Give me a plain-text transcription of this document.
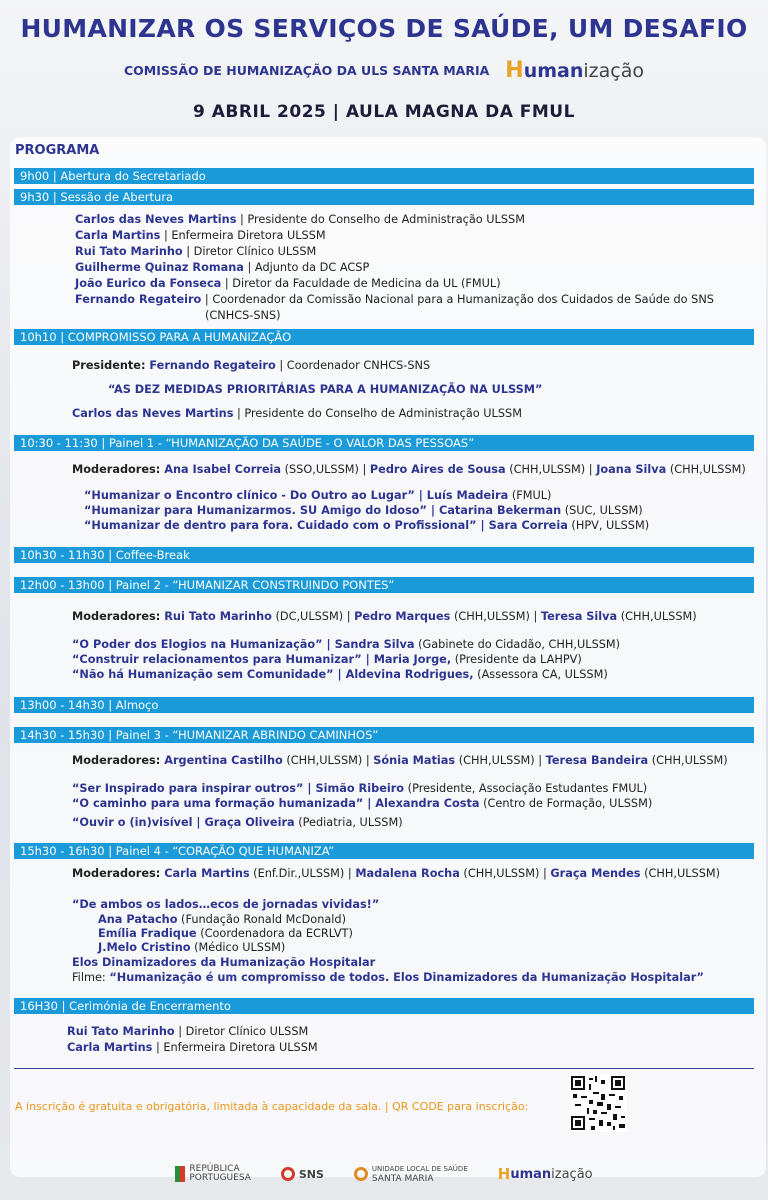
HUMANIZAR OS SERVIÇOS DE SAÚDE, UM DESAFIO
COMISSÃO DE HUMANIZAÇÃO DA ULS SANTA MARIA H uman ização
9 ABRIL 2025 | AULA MAGNA DA FMUL
PROGRAMA
9h00 | Abertura do Secretariado
9h30 | Sessão de Abertura
Carlos das Neves Martins | Presidente do Conselho de Administração ULSSM
Carla Martins | Enfermeira Diretora ULSSM
Rui Tato Marinho | Diretor Clínico ULSSM
Guilherme Quinaz Romana | Adjunto da DC ACSP
João Eurico da Fonseca | Diretor da Faculdade de Medicina da UL (FMUL)
Fernando Regateiro | Coordenador da Comissão Nacional para a Humanização dos Cuidados de Saúde do SNS
(CNHCS-SNS)
10h10 | COMPROMISSO PARA A HUMANIZAÇÃO
Presidente: Fernando Regateiro | Coordenador CNHCS-SNS
“AS DEZ MEDIDAS PRIORITÁRIAS PARA A HUMANIZAÇÃO NA ULSSM”
Carlos das Neves Martins | Presidente do Conselho de Administração ULSSM
10:30 - 11:30 | Painel 1 - “HUMANIZAÇÃO DA SAÚDE - O VALOR DAS PESSOAS”
Moderadores: Ana Isabel Correia (SSO,ULSSM) | Pedro Aires de Sousa (CHH,ULSSM) | Joana Silva (CHH,ULSSM)
“Humanizar o Encontro clínico - Do Outro ao Lugar” | Luís Madeira (FMUL)
“Humanizar para Humanizarmos. SU Amigo do Idoso” | Catarina Bekerman (SUC, ULSSM)
“Humanizar de dentro para fora. Cuidado com o Profissional” | Sara Correia (HPV, ULSSM)
10h30 - 11h30 | Coffee-Break
12h00 - 13h00 | Painel 2 - “HUMANIZAR CONSTRUINDO PONTES”
Moderadores: Rui Tato Marinho (DC,ULSSM) | Pedro Marques (CHH,ULSSM) | Teresa Silva (CHH,ULSSM)
“O Poder dos Elogios na Humanização” | Sandra Silva (Gabinete do Cidadão, CHH,ULSSM)
“Construir relacionamentos para Humanizar” | Maria Jorge, (Presidente da LAHPV)
“Não há Humanização sem Comunidade” | Aldevina Rodrigues, (Assessora CA, ULSSM)
13h00 - 14h30 | Almoço
14h30 - 15h30 | Painel 3 - “HUMANIZAR ABRINDO CAMINHOS”
Moderadores: Argentina Castilho (CHH,ULSSM) | Sónia Matias (CHH,ULSSM) | Teresa Bandeira (CHH,ULSSM)
“Ser Inspirado para inspirar outros” | Simão Ribeiro (Presidente, Associação Estudantes FMUL)
“O caminho para uma formação humanizada” | Alexandra Costa (Centro de Formação, ULSSM)
“Ouvir o (in)visível | Graça Oliveira (Pediatria, ULSSM)
15h30 - 16h30 | Painel 4 - “CORAÇÃO QUE HUMANIZA”
Moderadores: Carla Martins (Enf.Dir.,ULSSM) | Madalena Rocha (CHH,ULSSM) | Graça Mendes (CHH,ULSSM)
“De ambos os lados…ecos de jornadas vividas!”
Ana Patacho (Fundação Ronald McDonald)
Emília Fradique (Coordenadora da ECRLVT)
J.Melo Cristino (Médico ULSSM)
Elos Dinamizadores da Humanização Hospitalar
Filme: “Humanização é um compromisso de todos. Elos Dinamizadores da Humanização Hospitalar”
16H30 | Cerimónia de Encerramento
Rui Tato Marinho | Diretor Clínico ULSSM
Carla Martins | Enfermeira Diretora ULSSM
A inscrição é gratuita e obrigatória, limitada à capacidade da sala. | QR CODE para inscrição:
REPÚBLICA
PORTUGUESA	SNS	UNIDADE LOCAL DE SAÚDE
SANTA MARIA	H uman ização
